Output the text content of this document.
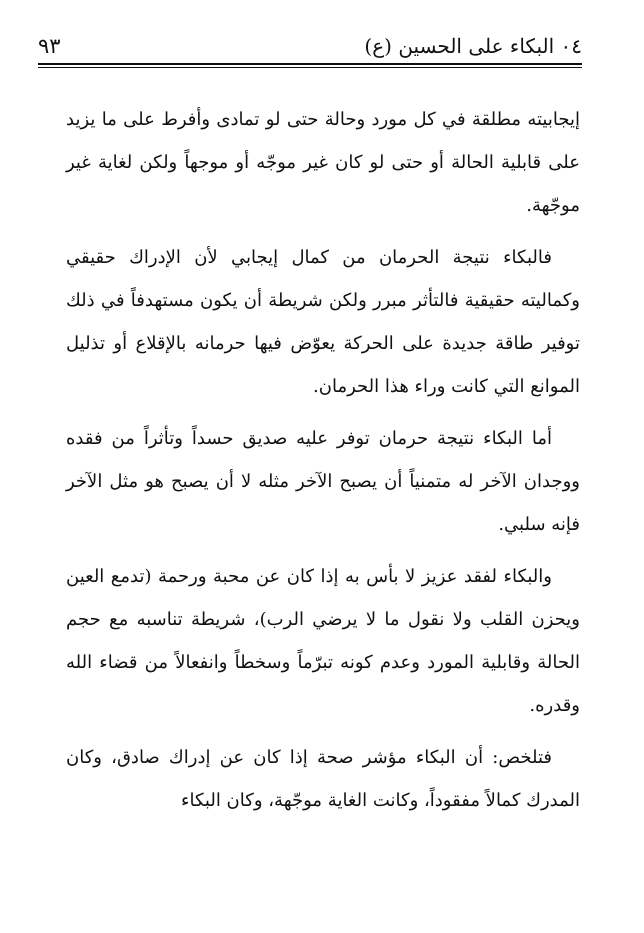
٠٤ البكاء على الحسين (ع)
٩٣

إيجابيته مطلقة في كل مورد وحالة حتى لو تمادى وأفرط على ما يزيد على قابلية الحالة أو حتى لو كان غير موجّه أو موجهاً ولكن لغاية غير موجّهة.

فالبكاء نتيجة الحرمان من كمال إيجابي لأن الإدراك حقيقي وكماليته حقيقية فالتأثر مبرر ولكن شريطة أن يكون مستهدفاً في ذلك توفير طاقة جديدة على الحركة يعوّض فيها حرمانه بالإقلاع أو تذليل الموانع التي كانت وراء هذا الحرمان.

أما البكاء نتيجة حرمان توفر عليه صديق حسداً وتأثراً من فقده ووجدان الآخر له متمنياً أن يصبح الآخر مثله لا أن يصبح هو مثل الآخر فإنه سلبي.

والبكاء لفقد عزيز لا بأس به إذا كان عن محبة ورحمة (تدمع العين ويحزن القلب ولا نقول ما لا يرضي الرب)، شريطة تناسبه مع حجم الحالة وقابلية المورد وعدم كونه تبرّماً وسخطاً وانفعالاً من قضاء الله وقدره.

فتلخص: أن البكاء مؤشر صحة إذا كان عن إدراك صادق، وكان المدرك كمالاً مفقوداً، وكانت الغاية موجّهة، وكان البكاء
